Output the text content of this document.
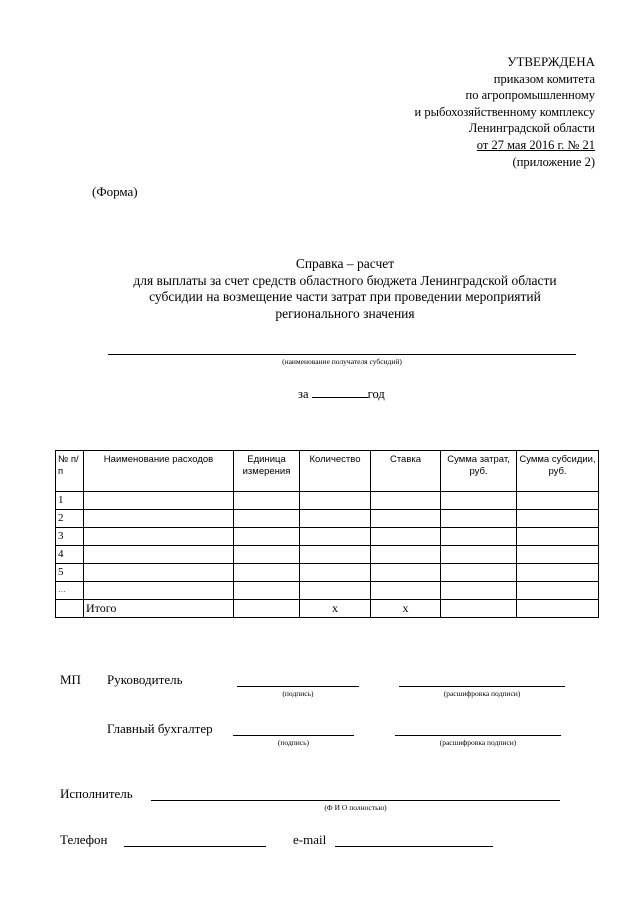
УТВЕРЖДЕНА
приказом комитета
по агропромышленному
и рыбохозяйственному комплексу
Ленинградской области
от 27 мая 2016 г. № 21
(приложение 2)
(Форма)
Справка – расчет
для выплаты за счет средств областного бюджета Ленинградской области
субсидии на возмещение части затрат при проведении мероприятий
регионального значения
(наименование получателя субсидий)
за	год
№ п/п	Наименование расходов	Единица измерения	Количество	Ставка	Сумма затрат, руб.	Сумма субсидии, руб.
1						
2						
3						
4						
5						
…						
	Итого		х	х		
МП Руководитель
(подпись)	(расшифровка подписи)
Главный бухгалтер
(подпись)	(расшифровка подписи)
Исполнитель
(Ф И О полностью)
Телефон	e-mail
